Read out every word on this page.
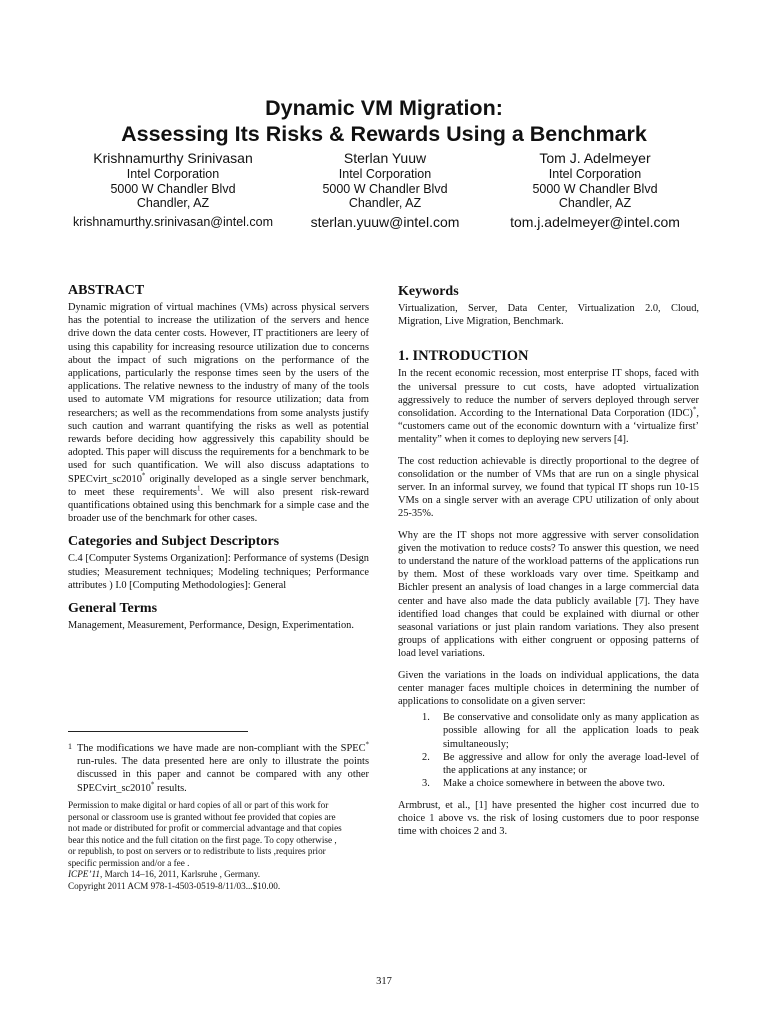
Dynamic VM Migration:
Assessing Its Risks & Rewards Using a Benchmark
Krishnamurthy Srinivasan
Intel Corporation
5000 W Chandler Blvd
Chandler, AZ
krishnamurthy.srinivasan@intel.com
Sterlan Yuuw
Intel Corporation
5000 W Chandler Blvd
Chandler, AZ
sterlan.yuuw@intel.com
Tom J. Adelmeyer
Intel Corporation
5000 W Chandler Blvd
Chandler, AZ
tom.j.adelmeyer@intel.com
ABSTRACT

Dynamic migration of virtual machines (VMs) across physical servers has the potential to increase the utilization of the servers and hence drive down the data center costs. However, IT practitioners are leery of using this capability for increasing resource utilization due to concerns about the impact of such migrations on the performance of the applications, particularly the response times seen by the users of the applications. The relative newness to the industry of many of the tools used to automate VM migrations for resource utilization; data from researchers; as well as the recommendations from some analysts justify such caution and warrant quantifying the risks as well as potential rewards before deciding how aggressively this capability should be adopted. This paper will discuss the requirements for a benchmark to be used for such quantification. We will also discuss adaptations to SPECvirt_sc2010* originally developed as a single server benchmark, to meet these requirements$^1$. We will also present risk-reward quantifications obtained using this benchmark for a simple case and the broader use of the benchmark for other cases.

Categories and Subject Descriptors

C.4 [Computer Systems Organization]: Performance of systems (Design studies; Measurement techniques; Modeling techniques; Performance attributes ) I.0 [Computing Methodologies]: General

General Terms

Management, Measurement, Performance, Design, Experimentation.

1 The modifications we have made are non-compliant with the SPEC* run-rules. The data presented here are only to illustrate the points discussed in this paper and cannot be compared with any other SPECvirt_sc2010* results.

Permission to make digital or hard copies of all or part of this work for
personal or classroom use is granted without fee provided that copies are
not made or distributed for profit or commercial advantage and that copies
bear this notice and the full citation on the first page. To copy otherwise ,
or republish, to post on servers or to redistribute to lists ,requires prior
specific permission and/or a fee .
ICPE’11, March 14–16, 2011, Karlsruhe , Germany.
Copyright 2011 ACM 978-1-4503-0519-8/11/03...$10.00.
Keywords

Virtualization, Server, Data Center, Virtualization 2.0, Cloud, Migration, Live Migration, Benchmark.

1. INTRODUCTION

In the recent economic recession, most enterprise IT shops, faced with the universal pressure to cut costs, have adopted virtualization aggressively to reduce the number of servers deployed through server consolidation. According to the International Data Corporation (IDC)*, “customers came out of the economic downturn with a ‘virtualize first’ mentality” when it comes to deploying new servers [4].

The cost reduction achievable is directly proportional to the degree of consolidation or the number of VMs that are run on a single physical server. In an informal survey, we found that typical IT shops run 10-15 VMs on a single server with an average CPU utilization of only about 25-35%.

Why are the IT shops not more aggressive with server consolidation given the motivation to reduce costs? To answer this question, we need to understand the nature of the workload patterns of the applications run by them. Most of these workloads vary over time. Speitkamp and Bichler present an analysis of load changes in a large commercial data center and have also made the data publicly available [7]. They have identified load changes that could be explained with diurnal or other seasonal variations or just plain random variations. They also present groups of applications with either congruent or opposing patterns of load level variations.

Given the variations in the loads on individual applications, the data center manager faces multiple choices in determining the number of applications to consolidate on a given server:

1. Be conservative and consolidate only as many application as possible allowing for all the application loads to peak simultaneously;
2. Be aggressive and allow for only the average load-level of the applications at any instance; or
3. Make a choice somewhere in between the above two.

Armbrust, et al., [1] have presented the higher cost incurred due to choice 1 above vs. the risk of losing customers due to poor response time with choices 2 and 3.

317
